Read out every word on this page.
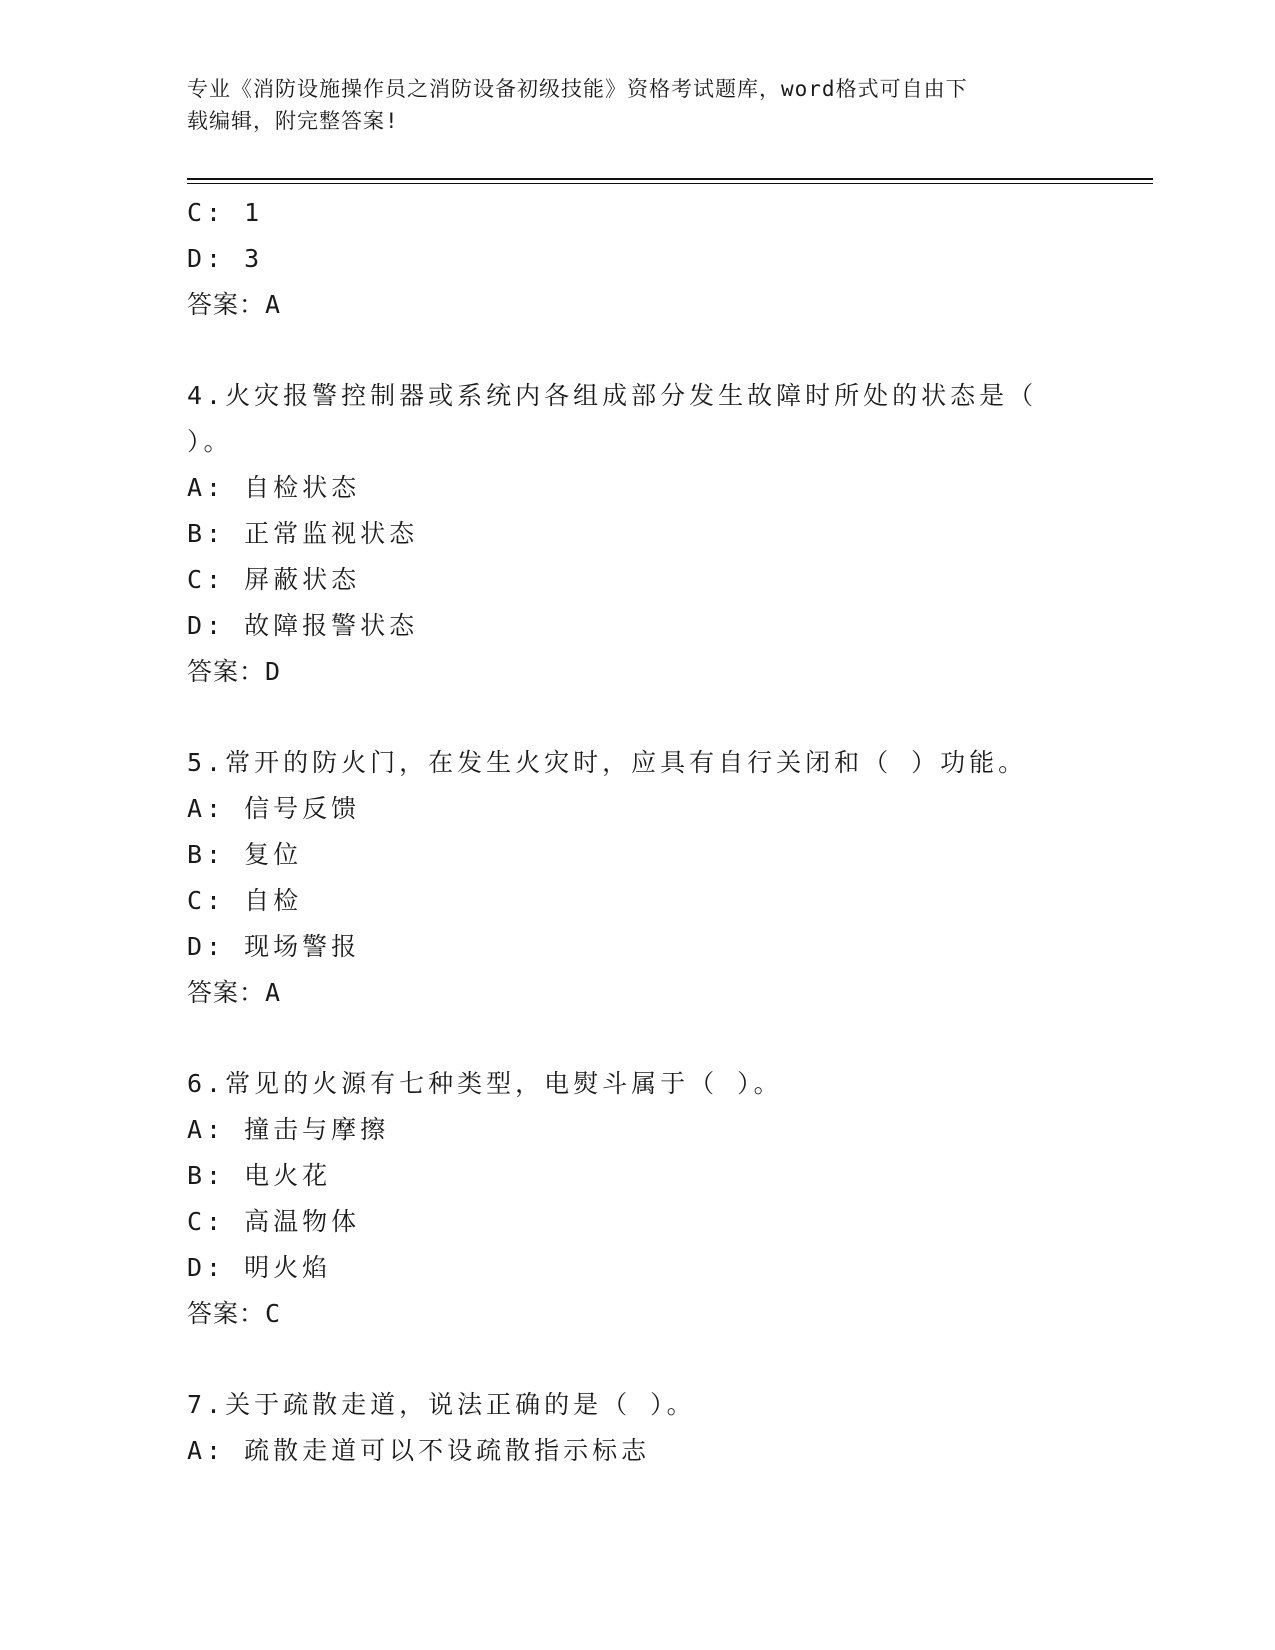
专业《消防设施操作员之消防设备初级技能》资格考试题库，word格式可自由下
载编辑，附完整答案!
C: 1
D: 3
答案：A
4.火灾报警控制器或系统内各组成部分发生故障时所处的状态是（
）。
A: 自检状态
B: 正常监视状态
C: 屏蔽状态
D: 故障报警状态
答案：D
5.常开的防火门，在发生火灾时，应具有自行关闭和（ ）功能。
A: 信号反馈
B: 复位
C: 自检
D: 现场警报
答案：A
6.常见的火源有七种类型，电熨斗属于（ ）。
A: 撞击与摩擦
B: 电火花
C: 高温物体
D: 明火焰
答案：C
7.关于疏散走道，说法正确的是（ ）。
A: 疏散走道可以不设疏散指示标志
